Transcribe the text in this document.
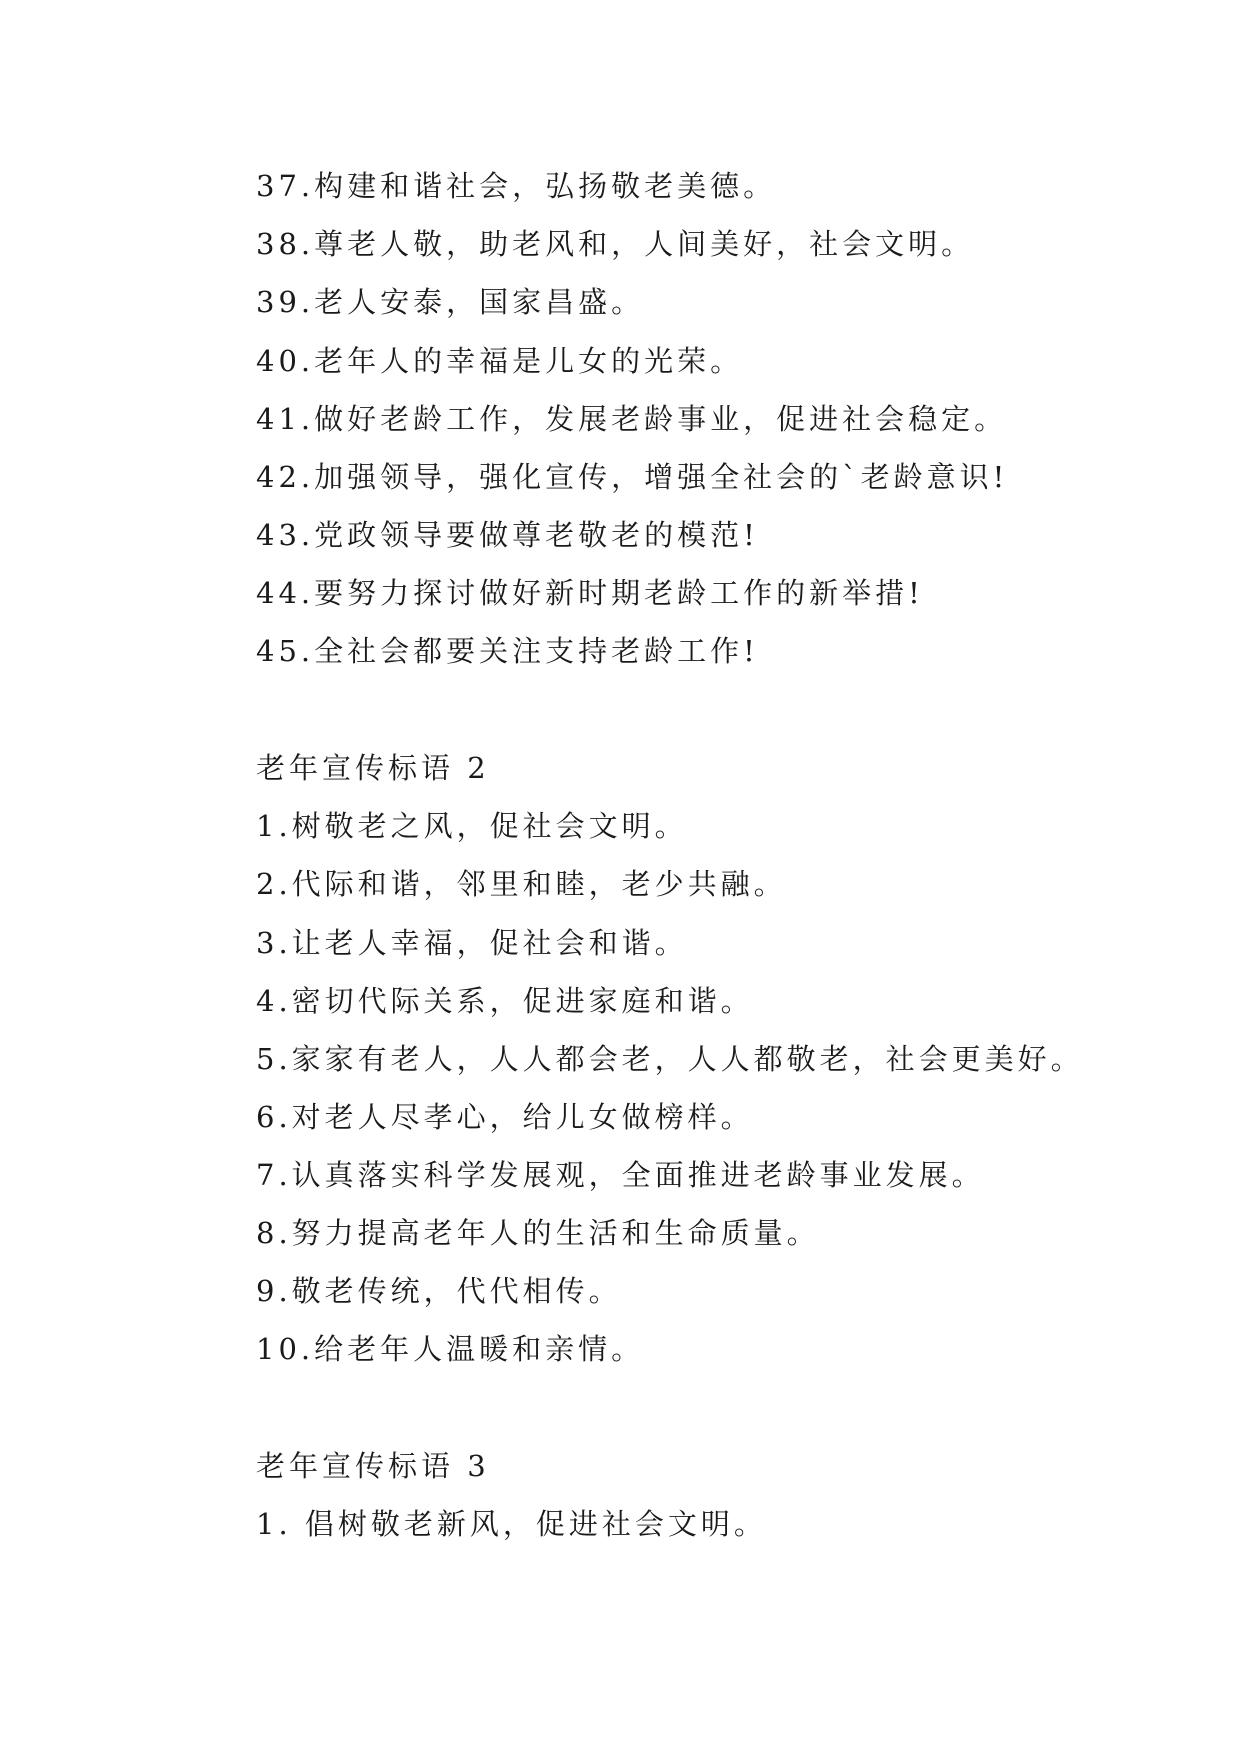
37.构建和谐社会，弘扬敬老美德。
38.尊老人敬，助老风和，人间美好，社会文明。
39.老人安泰，国家昌盛。
40.老年人的幸福是儿女的光荣。
41.做好老龄工作，发展老龄事业，促进社会稳定。
42.加强领导，强化宣传，增强全社会的`老龄意识!
43.党政领导要做尊老敬老的模范!
44.要努力探讨做好新时期老龄工作的新举措!
45.全社会都要关注支持老龄工作!
老年宣传标语 2
1.树敬老之风，促社会文明。
2.代际和谐，邻里和睦，老少共融。
3.让老人幸福，促社会和谐。
4.密切代际关系，促进家庭和谐。
5.家家有老人，人人都会老，人人都敬老，社会更美好。
6.对老人尽孝心，给儿女做榜样。
7.认真落实科学发展观，全面推进老龄事业发展。
8.努力提高老年人的生活和生命质量。
9.敬老传统，代代相传。
10.给老年人温暖和亲情。
老年宣传标语 3
1. 倡树敬老新风，促进社会文明。
